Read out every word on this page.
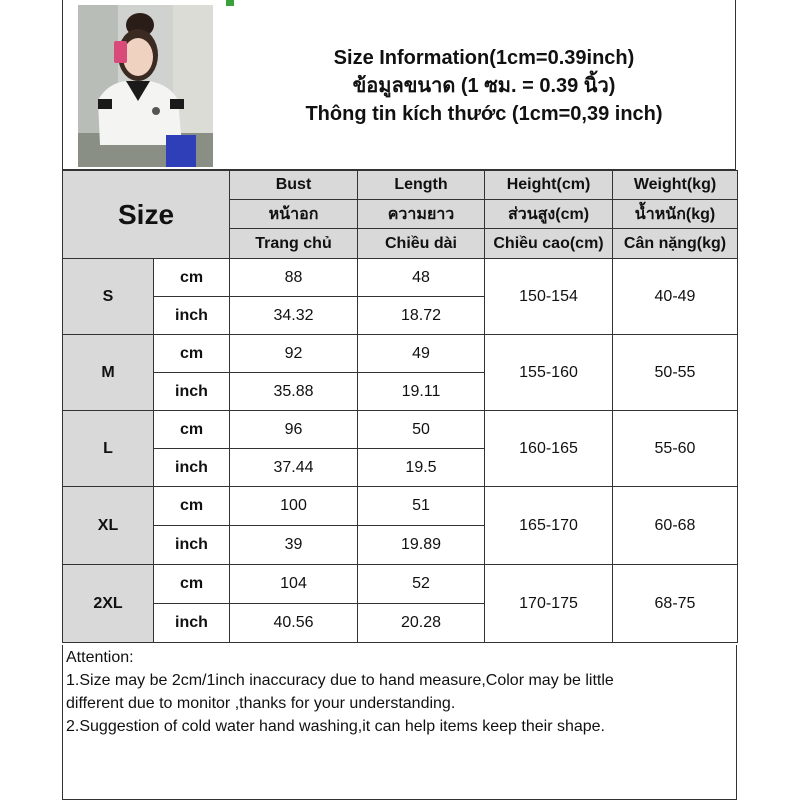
Size Information(1cm=0.39inch)
ข้อมูลขนาด (1 ซม. = 0.39 นิ้ว)
Thông tin kích thước (1cm=0,39 inch)
Size		Bust	Length	Height(cm)	Weight(kg)
		หน้าอก	ความยาว	ส่วนสูง(cm)	น้ำหนัก(kg)
		Trang chủ	Chiều dài	Chiều cao(cm)	Cân nặng(kg)
S	cm	88	48	150-154	40-49
	inch	34.32	18.72		
M	cm	92	49	155-160	50-55
	inch	35.88	19.11		
L	cm	96	50	160-165	55-60
	inch	37.44	19.5		
XL	cm	100	51	165-170	60-68
	inch	39	19.89		
2XL	cm	104	52	170-175	68-75
	inch	40.56	20.28		
Attention:
1.Size may be 2cm/1inch inaccuracy due to hand measure,Color may be little
different due to monitor ,thanks for your understanding.
2.Suggestion of cold water hand washing,it can help items keep their shape.
